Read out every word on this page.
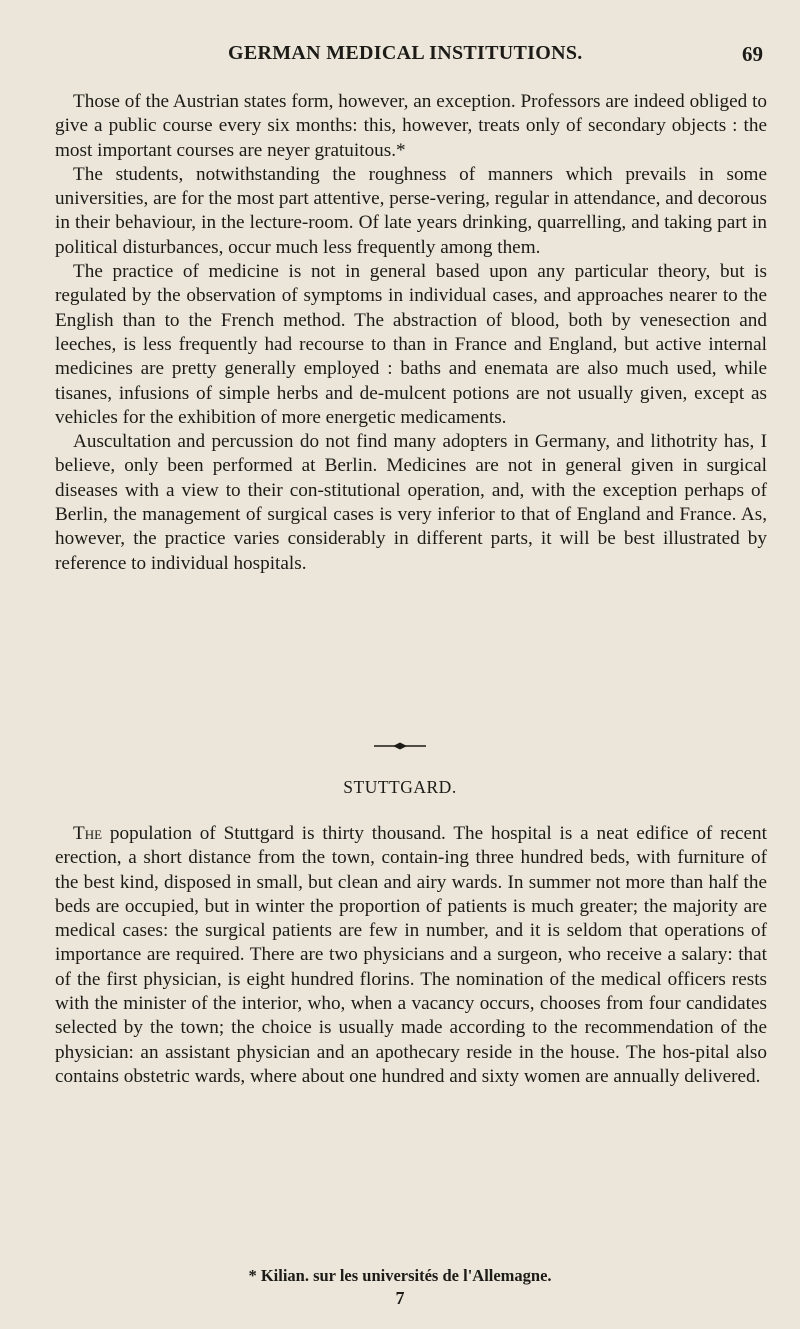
GERMAN MEDICAL INSTITUTIONS.	69

Those of the Austrian states form, however, an exception. Professors are indeed obliged to give a public course every six months: this, however, treats only of secondary objects : the most important courses are neyer gratuitous.*

The students, notwithstanding the roughness of manners which prevails in some universities, are for the most part attentive, perse-vering, regular in attendance, and decorous in their behaviour, in the lecture-room. Of late years drinking, quarrelling, and taking part in political disturbances, occur much less frequently among them.

The practice of medicine is not in general based upon any particular theory, but is regulated by the observation of symptoms in individual cases, and approaches nearer to the English than to the French method. The abstraction of blood, both by venesection and leeches, is less frequently had recourse to than in France and England, but active internal medicines are pretty generally employed : baths and enemata are also much used, while tisanes, infusions of simple herbs and de-mulcent potions are not usually given, except as vehicles for the exhibition of more energetic medicaments.

Auscultation and percussion do not find many adopters in Germany, and lithotrity has, I believe, only been performed at Berlin. Medicines are not in general given in surgical diseases with a view to their con-stitutional operation, and, with the exception perhaps of Berlin, the management of surgical cases is very inferior to that of England and France. As, however, the practice varies considerably in different parts, it will be best illustrated by reference to individual hospitals.

STUTTGARD.

The population of Stuttgard is thirty thousand. The hospital is a neat edifice of recent erection, a short distance from the town, contain-ing three hundred beds, with furniture of the best kind, disposed in small, but clean and airy wards. In summer not more than half the beds are occupied, but in winter the proportion of patients is much greater; the majority are medical cases: the surgical patients are few in number, and it is seldom that operations of importance are required. There are two physicians and a surgeon, who receive a salary: that of the first physician, is eight hundred florins. The nomination of the medical officers rests with the minister of the interior, who, when a vacancy occurs, chooses from four candidates selected by the town; the choice is usually made according to the recommendation of the physician: an assistant physician and an apothecary reside in the house. The hos-pital also contains obstetric wards, where about one hundred and sixty women are annually delivered.

* Kilian. sur les universités de l'Allemagne.
7
